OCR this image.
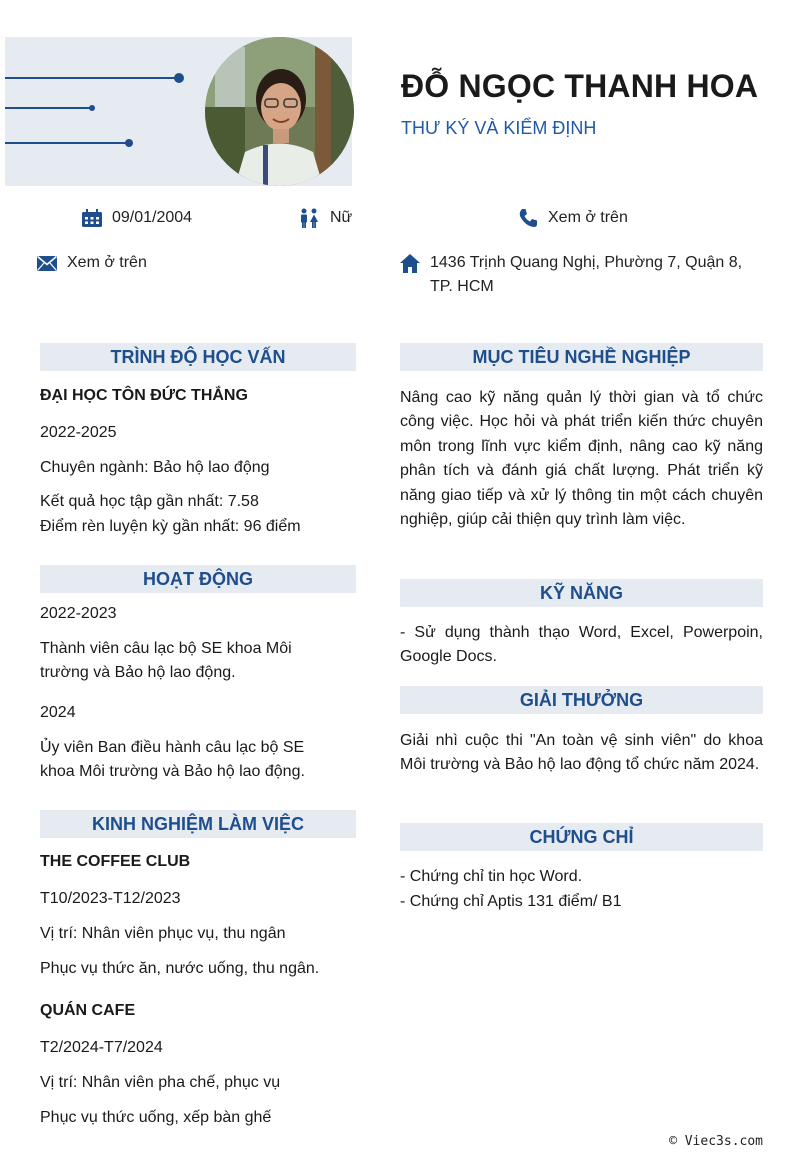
ĐỖ NGỌC THANH HOA
THƯ KÝ VÀ KIỂM ĐỊNH
09/01/2004	Nữ	Xem ở trên
Xem ở trên	1436 Trịnh Quang Nghị, Phường 7, Quận 8, TP. HCM
TRÌNH ĐỘ HỌC VẤN
ĐẠI HỌC TÔN ĐỨC THẮNG
2022-2025
Chuyên ngành: Bảo hộ lao động
Kết quả học tập gần nhất: 7.58
Điểm rèn luyện kỳ gần nhất: 96 điểm
HOẠT ĐỘNG
2022-2023
Thành viên câu lạc bộ SE khoa Môi trường và Bảo hộ lao động.
2024
Ủy viên Ban điều hành câu lạc bộ SE khoa Môi trường và Bảo hộ lao động.
KINH NGHIỆM LÀM VIỆC
THE COFFEE CLUB
T10/2023-T12/2023
Vị trí: Nhân viên phục vụ, thu ngân
Phục vụ thức ăn, nước uống, thu ngân.
QUÁN CAFE
T2/2024-T7/2024
Vị trí: Nhân viên pha chế, phục vụ
Phục vụ thức uống, xếp bàn ghế
MỤC TIÊU NGHỀ NGHIỆP
Nâng cao kỹ năng quản lý thời gian và tổ chức công việc. Học hỏi và phát triển kiến thức chuyên môn trong lĩnh vực kiểm định, nâng cao kỹ năng phân tích và đánh giá chất lượng. Phát triển kỹ năng giao tiếp và xử lý thông tin một cách chuyên nghiệp, giúp cải thiện quy trình làm việc.
KỸ NĂNG
- Sử dụng thành thạo Word, Excel, Powerpoin, Google Docs.
GIẢI THƯỞNG
Giải nhì cuộc thi "An toàn vệ sinh viên" do khoa Môi trường và Bảo hộ lao động tổ chức năm 2024.
CHỨNG CHỈ
- Chứng chỉ tin học Word.
- Chứng chỉ Aptis 131 điểm/ B1
© Viec3s.com
